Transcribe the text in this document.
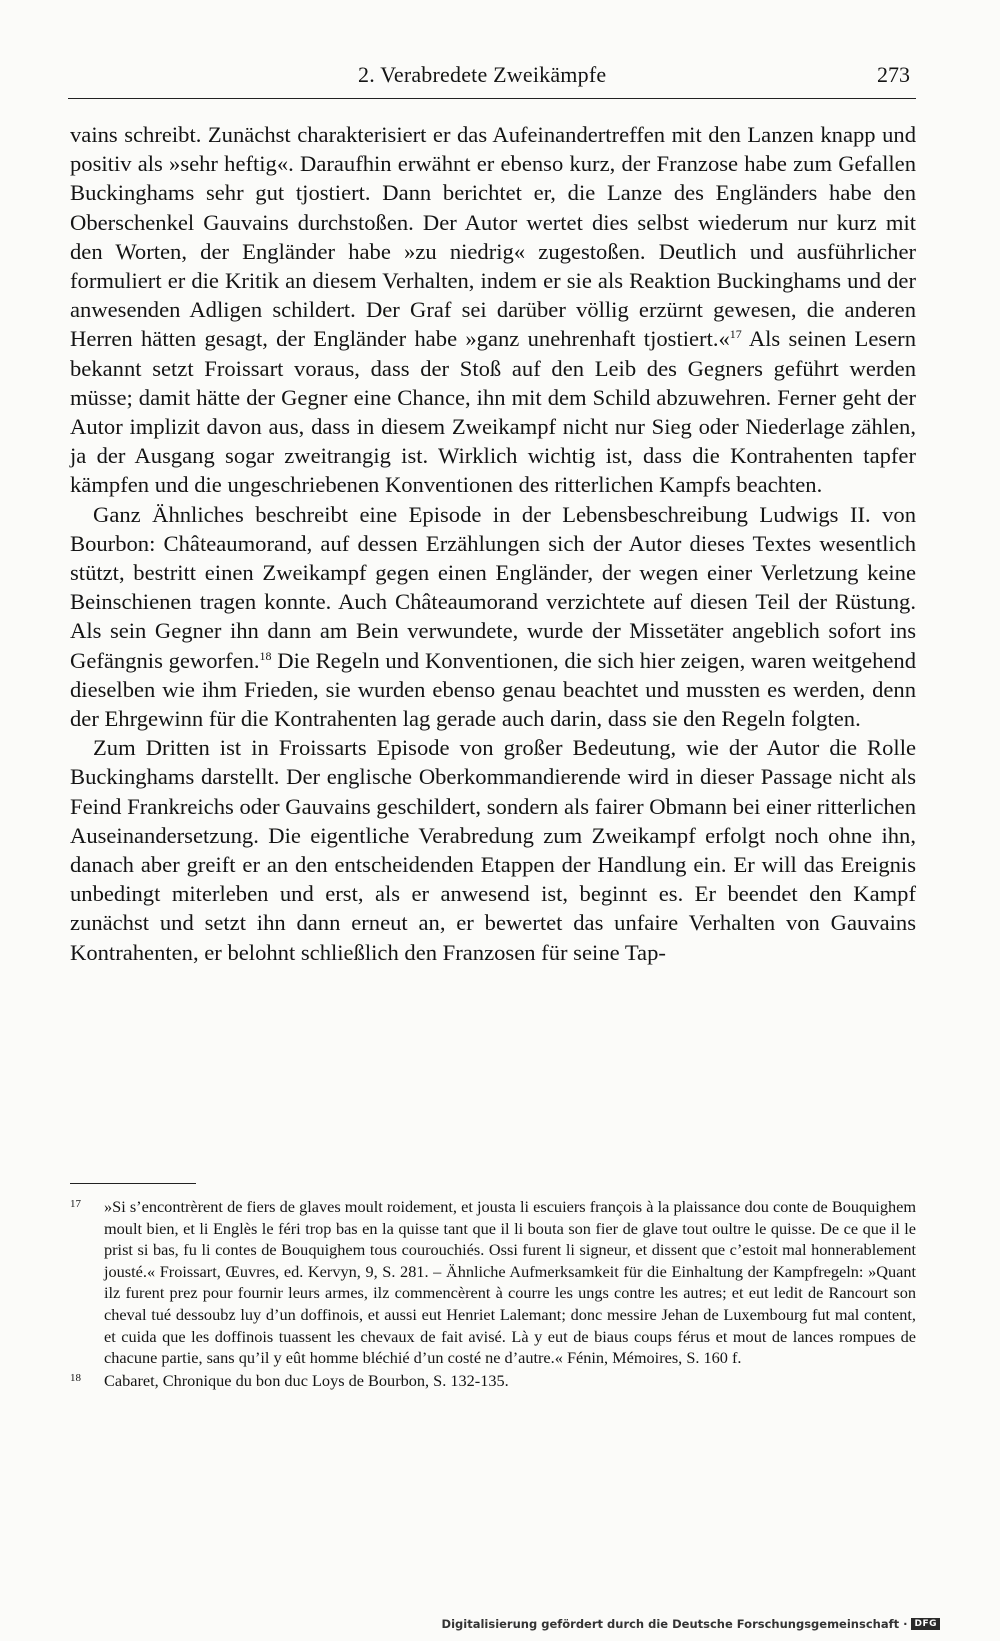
2. Verabredete Zweikämpfe	273

vains schreibt. Zunächst charakterisiert er das Aufeinandertreffen mit den Lanzen knapp und positiv als »sehr heftig«. Daraufhin erwähnt er ebenso kurz, der Franzose habe zum Gefallen Buckinghams sehr gut tjostiert. Dann berichtet er, die Lanze des Engländers habe den Oberschenkel Gauvains durchstoßen. Der Autor wertet dies selbst wiederum nur kurz mit den Worten, der Engländer habe »zu niedrig« zugestoßen. Deutlich und ausführlicher formuliert er die Kritik an diesem Verhalten, indem er sie als Reaktion Buckinghams und der anwesenden Adligen schildert. Der Graf sei darüber völlig erzürnt gewesen, die anderen Herren hätten gesagt, der Engländer habe »ganz unehrenhaft tjostiert.«$^{17}$ Als seinen Lesern bekannt setzt Froissart voraus, dass der Stoß auf den Leib des Gegners geführt werden müsse; damit hätte der Gegner eine Chance, ihn mit dem Schild abzuwehren. Ferner geht der Autor implizit davon aus, dass in diesem Zweikampf nicht nur Sieg oder Niederlage zählen, ja der Ausgang sogar zweitrangig ist. Wirklich wichtig ist, dass die Kontrahenten tapfer kämpfen und die ungeschriebenen Konventionen des ritterlichen Kampfs beachten.

Ganz Ähnliches beschreibt eine Episode in der Lebensbeschreibung Ludwigs II. von Bourbon: Châteaumorand, auf dessen Erzählungen sich der Autor dieses Textes wesentlich stützt, bestritt einen Zweikampf gegen einen Engländer, der wegen einer Verletzung keine Beinschienen tragen konnte. Auch Châteaumorand verzichtete auf diesen Teil der Rüstung. Als sein Gegner ihn dann am Bein verwundete, wurde der Missetäter angeblich sofort ins Gefängnis geworfen.$^{18}$ Die Regeln und Konventionen, die sich hier zeigen, waren weitgehend dieselben wie ihm Frieden, sie wurden ebenso genau beachtet und mussten es werden, denn der Ehrgewinn für die Kontrahenten lag gerade auch darin, dass sie den Regeln folgten.

Zum Dritten ist in Froissarts Episode von großer Bedeutung, wie der Autor die Rolle Buckinghams darstellt. Der englische Oberkommandierende wird in dieser Passage nicht als Feind Frankreichs oder Gauvains geschildert, sondern als fairer Obmann bei einer ritterlichen Auseinandersetzung. Die eigentliche Verabredung zum Zweikampf erfolgt noch ohne ihn, danach aber greift er an den entscheidenden Etappen der Handlung ein. Er will das Ereignis unbedingt miterleben und erst, als er anwesend ist, beginnt es. Er beendet den Kampf zunächst und setzt ihn dann erneut an, er bewertet das unfaire Verhalten von Gauvains Kontrahenten, er belohnt schließlich den Franzosen für seine Tap-

17 »Si s’encontrèrent de fiers de glaves moult roidement, et jousta li escuiers françois à la plaissance dou conte de Bouquighem moult bien, et li Englès le féri trop bas en la quisse tant que il li bouta son fier de glave tout oultre le quisse. De ce que il le prist si bas, fu li contes de Bouquighem tous courouchiés. Ossi furent li signeur, et dissent que c’estoit mal honnerablement jousté.« Froissart, Œuvres, ed. Kervyn, 9, S. 281. – Ähnliche Aufmerksamkeit für die Einhaltung der Kampfregeln: »Quant ilz furent prez pour fournir leurs armes, ilz commencèrent à courre les ungs contre les autres; et eut ledit de Rancourt son cheval tué dessoubz luy d’un doffinois, et aussi eut Henriet Lalemant; donc messire Jehan de Luxembourg fut mal content, et cuida que les doffinois tuassent les chevaux de fait avisé. Là y eut de biaus coups férus et mout de lances rompues de chacune partie, sans qu’il y eût homme bléchié d’un costé ne d’autre.« Fénin, Mémoires, S. 160 f.
18 Cabaret, Chronique du bon duc Loys de Bourbon, S. 132-135.
Digitalisierung gefördert durch die Deutsche Forschungsgemeinschaft · DFG
